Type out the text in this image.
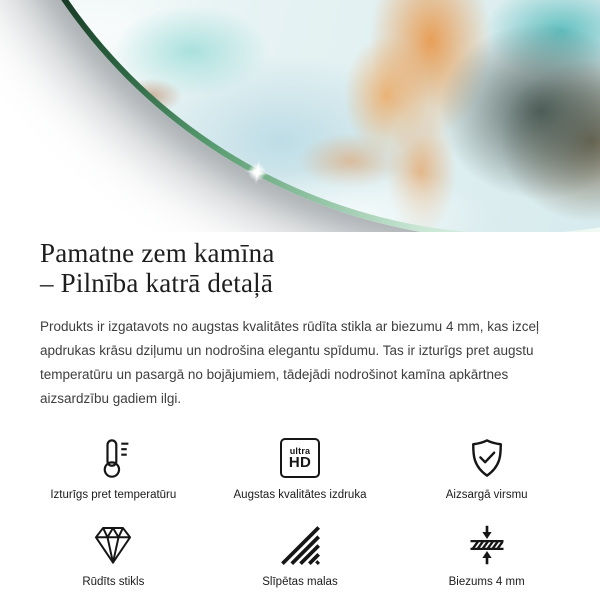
Pamatne zem kamīna
– Pilnība katrā detaļā

Produkts ir izgatavots no augstas kvalitātes rūdīta stikla ar biezumu 4 mm, kas izceļ apdrukas krāsu dziļumu un nodrošina elegantu spīdumu. Tas ir izturīgs pret augstu temperatūru un pasargā no bojājumiem, tādejādi nodrošinot kamīna apkārtnes aizsardzību gadiem ilgi.

Izturīgs pret temperatūru
ultra
HD
Augstas kvalitātes izdruka	Aizsargā virsmu
Rūdīts stikls	Slīpētas malas	Biezums 4 mm
